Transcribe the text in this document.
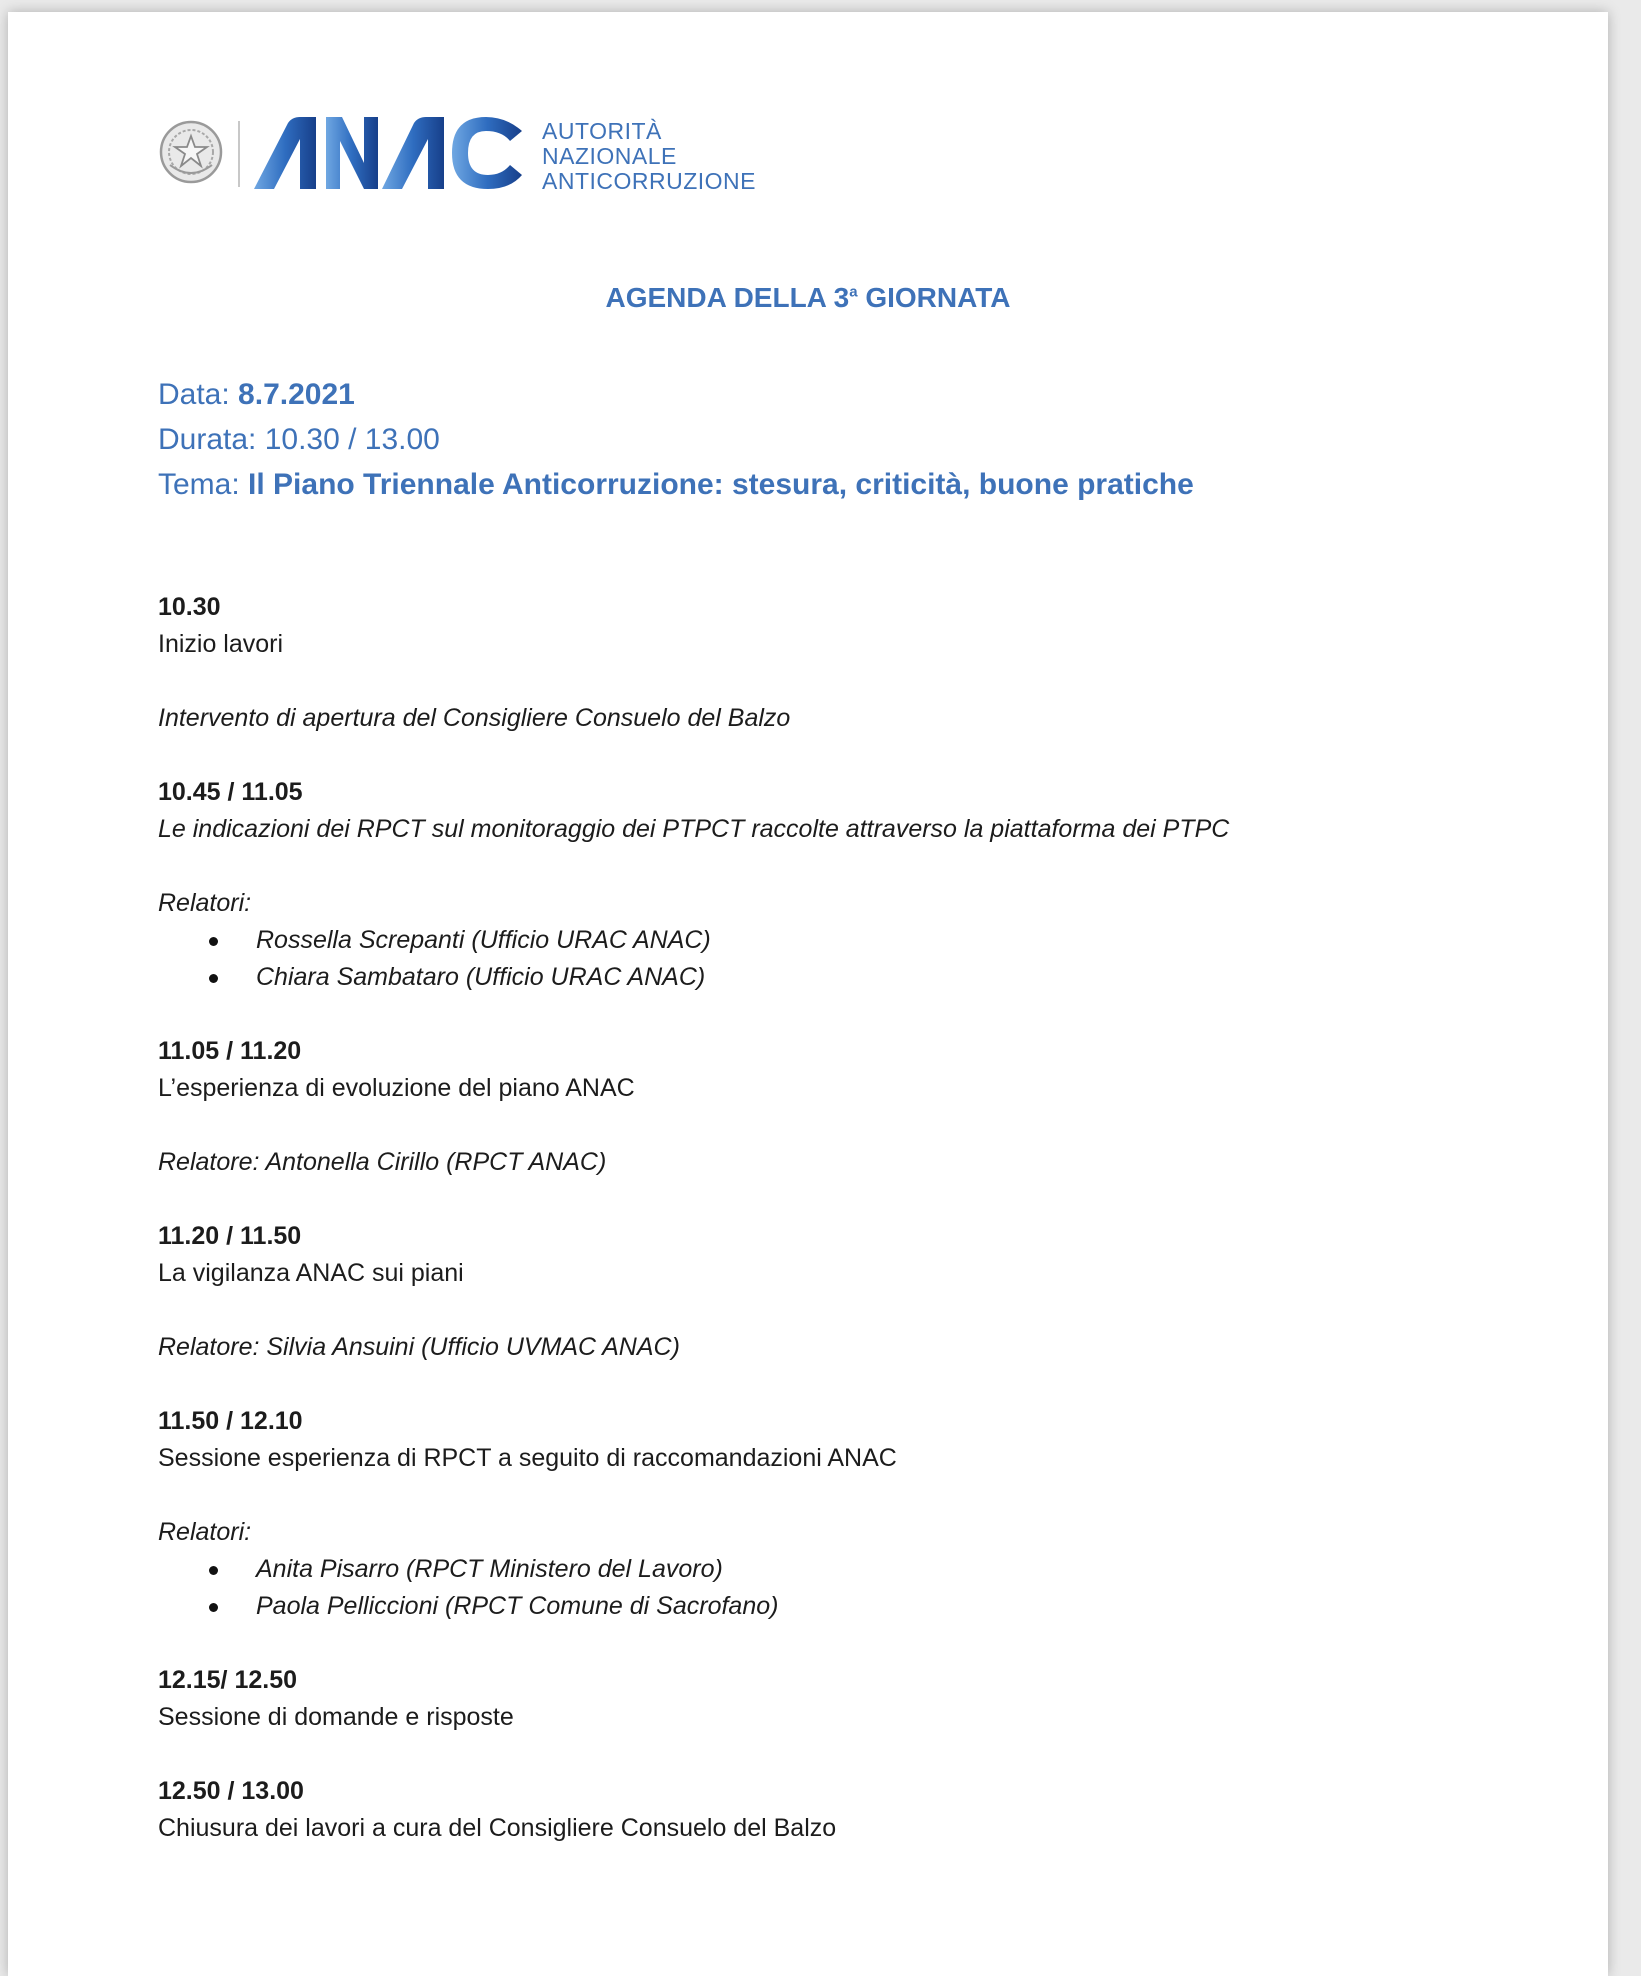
AUTORITÀ
NAZIONALE
ANTICORRUZIONE
AGENDA DELLA 3$^a$ GIORNATA
Data: 8.7.2021
Durata: 10.30 / 13.00
Tema: Il Piano Triennale Anticorruzione: stesura, criticità, buone pratiche
10.30
Inizio lavori
Intervento di apertura del Consigliere Consuelo del Balzo
10.45 / 11.05
Le indicazioni dei RPCT sul monitoraggio dei PTPCT raccolte attraverso la piattaforma dei PTPC
Relatori:
Rossella Screpanti (Ufficio URAC ANAC)
Chiara Sambataro (Ufficio URAC ANAC)
11.05 / 11.20
L’esperienza di evoluzione del piano ANAC
Relatore: Antonella Cirillo (RPCT ANAC)
11.20 / 11.50
La vigilanza ANAC sui piani
Relatore: Silvia Ansuini (Ufficio UVMAC ANAC)
11.50 / 12.10
Sessione esperienza di RPCT a seguito di raccomandazioni ANAC
Relatori:
Anita Pisarro (RPCT Ministero del Lavoro)
Paola Pelliccioni (RPCT Comune di Sacrofano)
12.15/ 12.50
Sessione di domande e risposte
12.50 / 13.00
Chiusura dei lavori a cura del Consigliere Consuelo del Balzo
